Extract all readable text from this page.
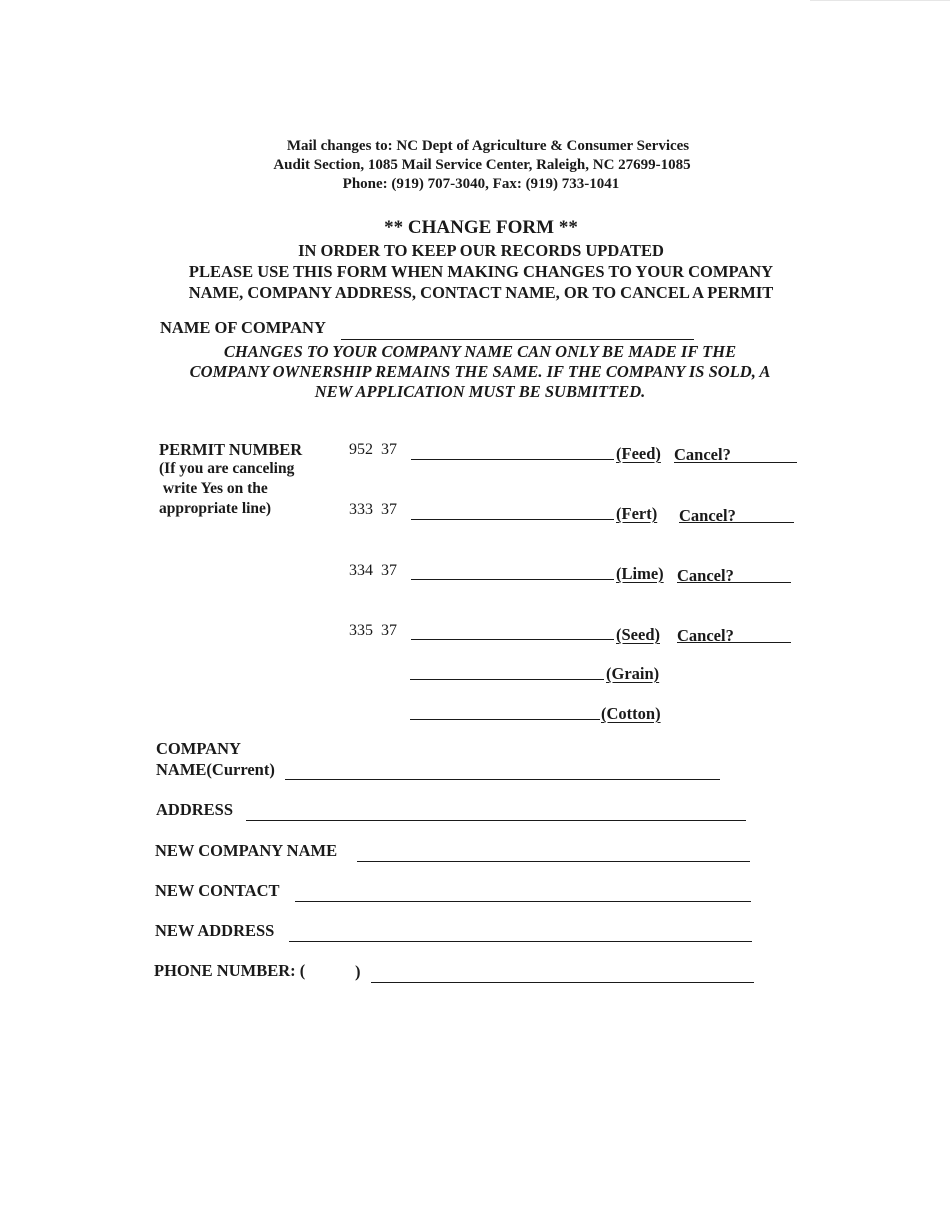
Mail changes to: NC Dept of Agriculture & Consumer Services
Audit Section, 1085 Mail Service Center, Raleigh, NC 27699-1085
Phone: (919) 707-3040, Fax: (919) 733-1041
** CHANGE FORM **
IN ORDER TO KEEP OUR RECORDS UPDATED
PLEASE USE THIS FORM WHEN MAKING CHANGES TO YOUR COMPANY
NAME, COMPANY ADDRESS, CONTACT NAME, OR TO CANCEL A PERMIT
NAME OF COMPANY
CHANGES TO YOUR COMPANY NAME CAN ONLY BE MADE IF THE
COMPANY OWNERSHIP REMAINS THE SAME. IF THE COMPANY IS SOLD, A
NEW APPLICATION MUST BE SUBMITTED.
PERMIT NUMBER
(If you are canceling
write Yes on the
appropriate line)
952  37	(Feed) Cancel?
333  37	(Fert) Cancel?
334  37	(Lime) Cancel?
335  37	(Seed) Cancel?
(Grain)
(Cotton)
COMPANY
NAME(Current)
ADDRESS
NEW COMPANY NAME
NEW CONTACT
NEW ADDRESS
PHONE NUMBER: (	)
